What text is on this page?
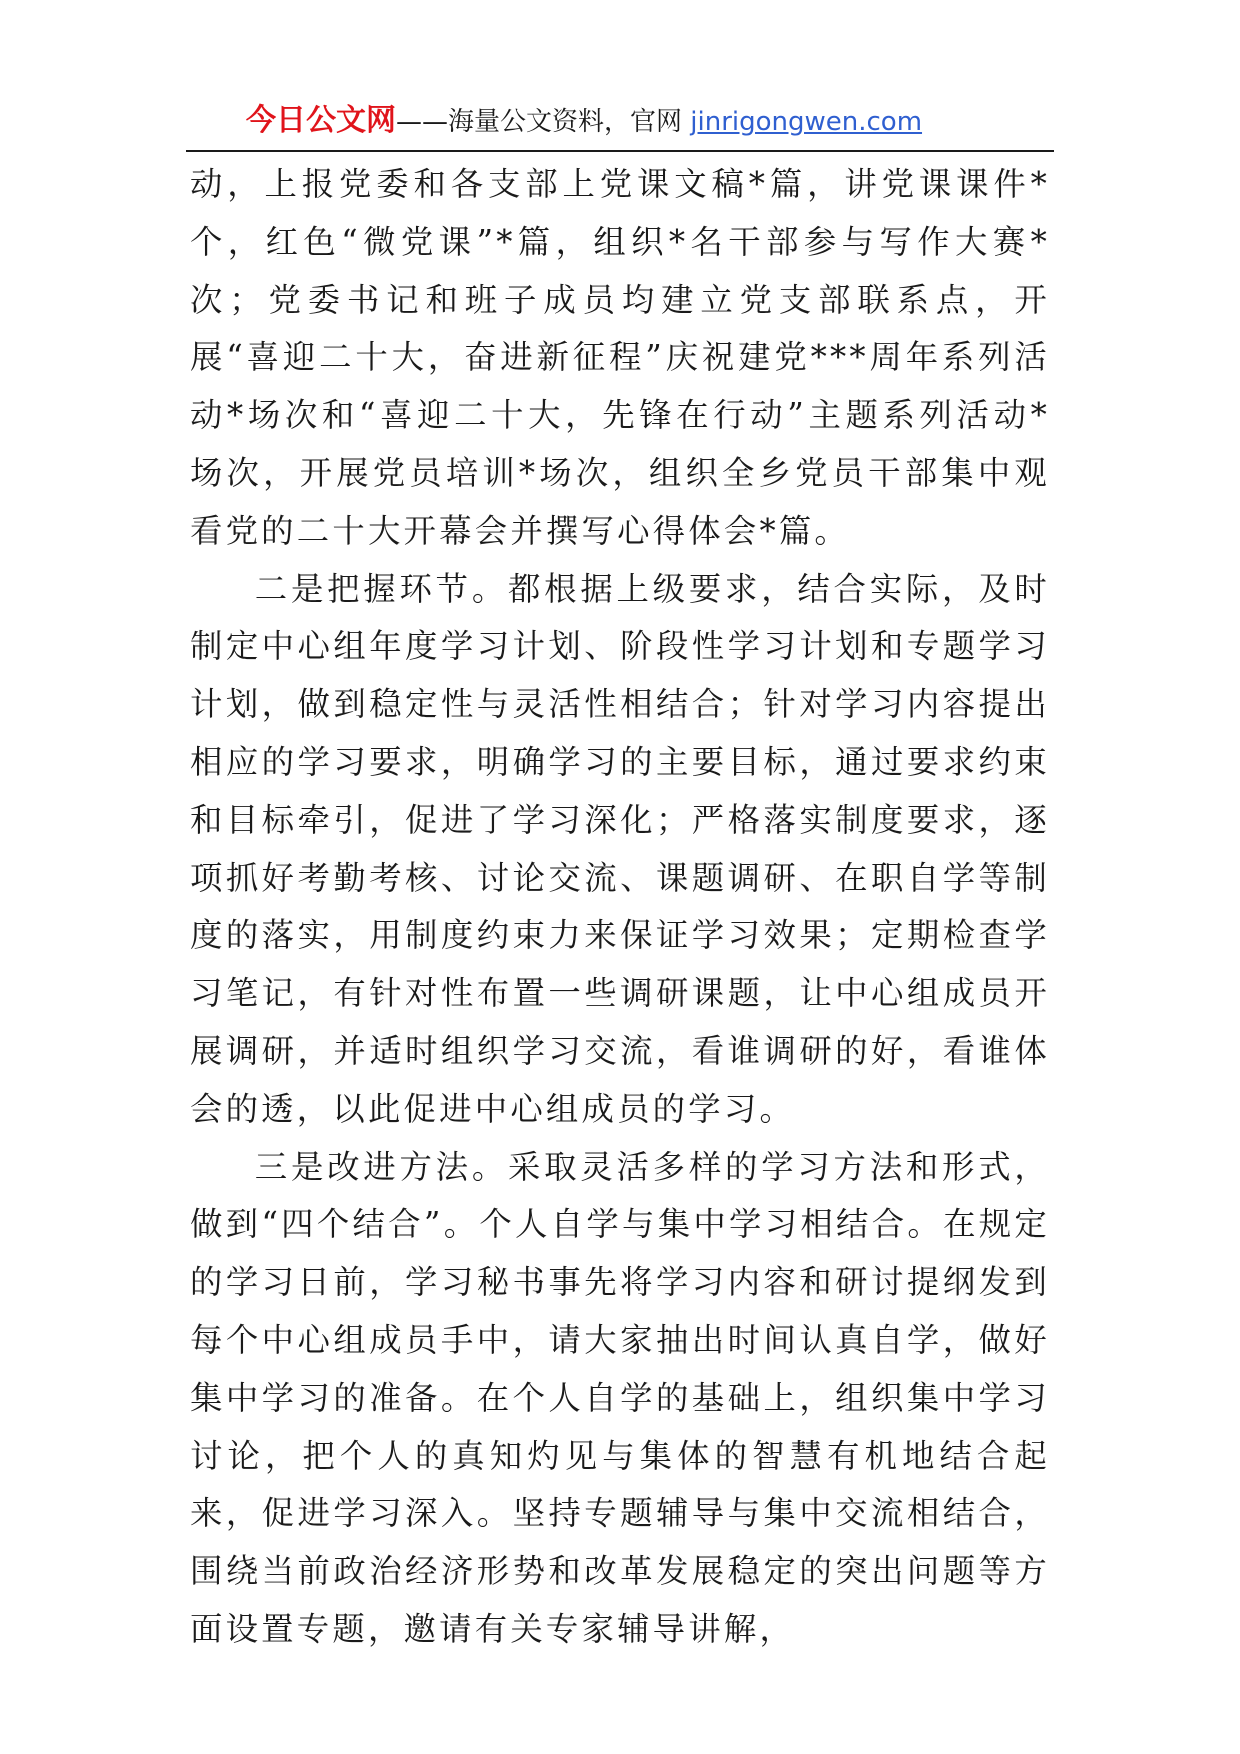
今日公文网——海量公文资料，官网 jinrigongwen.com

动，上报党委和各支部上党课文稿*篇，讲党课课件*个，红色“微党课”*篇，组织*名干部参与写作大赛*次；党委书记和班子成员均建立党支部联系点，开展“喜迎二十大，奋进新征程”庆祝建党***周年系列活动*场次和“喜迎二十大，先锋在行动”主题系列活动*场次，开展党员培训*场次，组织全乡党员干部集中观看党的二十大开幕会并撰写心得体会*篇。

二是把握环节。都根据上级要求，结合实际，及时制定中心组年度学习计划、阶段性学习计划和专题学习计划，做到稳定性与灵活性相结合；针对学习内容提出相应的学习要求，明确学习的主要目标，通过要求约束和目标牵引，促进了学习深化；严格落实制度要求，逐项抓好考勤考核、讨论交流、课题调研、在职自学等制度的落实，用制度约束力来保证学习效果；定期检查学习笔记，有针对性布置一些调研课题，让中心组成员开展调研，并适时组织学习交流，看谁调研的好，看谁体会的透，以此促进中心组成员的学习。

三是改进方法。采取灵活多样的学习方法和形式，做到“四个结合”。个人自学与集中学习相结合。在规定的学习日前，学习秘书事先将学习内容和研讨提纲发到每个中心组成员手中，请大家抽出时间认真自学，做好集中学习的准备。在个人自学的基础上，组织集中学习讨论，把个人的真知灼见与集体的智慧有机地结合起来，促进学习深入。坚持专题辅导与集中交流相结合，围绕当前政治经济形势和改革发展稳定的突出问题等方面设置专题，邀请有关专家辅导讲解，
